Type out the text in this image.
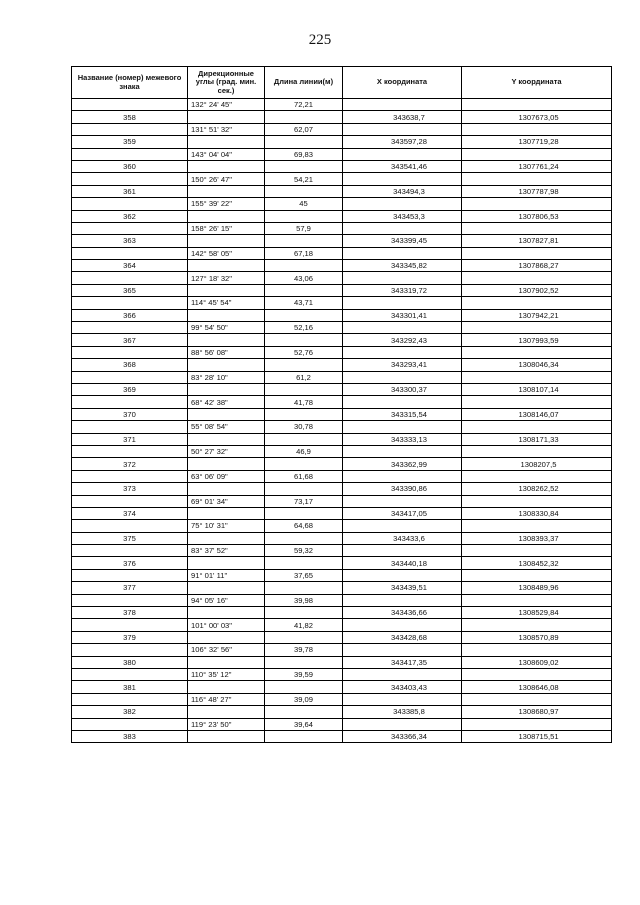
225
Название (номер) межевого знака	Дирекционные углы (град. мин. сек.)	Длина линии(м)	X координата	Y координата
	132° 24' 45"	72,21		
358			343638,7	1307673,05
	131° 51' 32"	62,07		
359			343597,28	1307719,28
	143° 04' 04"	69,83		
360			343541,46	1307761,24
	150° 26' 47"	54,21		
361			343494,3	1307787,98
	155° 39' 22"	45		
362			343453,3	1307806,53
	158° 26' 15"	57,9		
363			343399,45	1307827,81
	142° 58' 05"	67,18		
364			343345,82	1307868,27
	127° 18' 32"	43,06		
365			343319,72	1307902,52
	114° 45' 54"	43,71		
366			343301,41	1307942,21
	99° 54' 50"	52,16		
367			343292,43	1307993,59
	88° 56' 08"	52,76		
368			343293,41	1308046,34
	83° 28' 10"	61,2		
369			343300,37	1308107,14
	68° 42' 38"	41,78		
370			343315,54	1308146,07
	55° 08' 54"	30,78		
371			343333,13	1308171,33
	50° 27' 32"	46,9		
372			343362,99	1308207,5
	63° 06' 09"	61,68		
373			343390,86	1308262,52
	69° 01' 34"	73,17		
374			343417,05	1308330,84
	75° 10' 31"	64,68		
375			343433,6	1308393,37
	83° 37' 52"	59,32		
376			343440,18	1308452,32
	91° 01' 11"	37,65		
377			343439,51	1308489,96
	94° 05' 16"	39,98		
378			343436,66	1308529,84
	101° 00' 03"	41,82		
379			343428,68	1308570,89
	106° 32' 56"	39,78		
380			343417,35	1308609,02
	110° 35' 12"	39,59		
381			343403,43	1308646,08
	116° 48' 27"	39,09		
382			343385,8	1308680,97
	119° 23' 50"	39,64		
383			343366,34	1308715,51
